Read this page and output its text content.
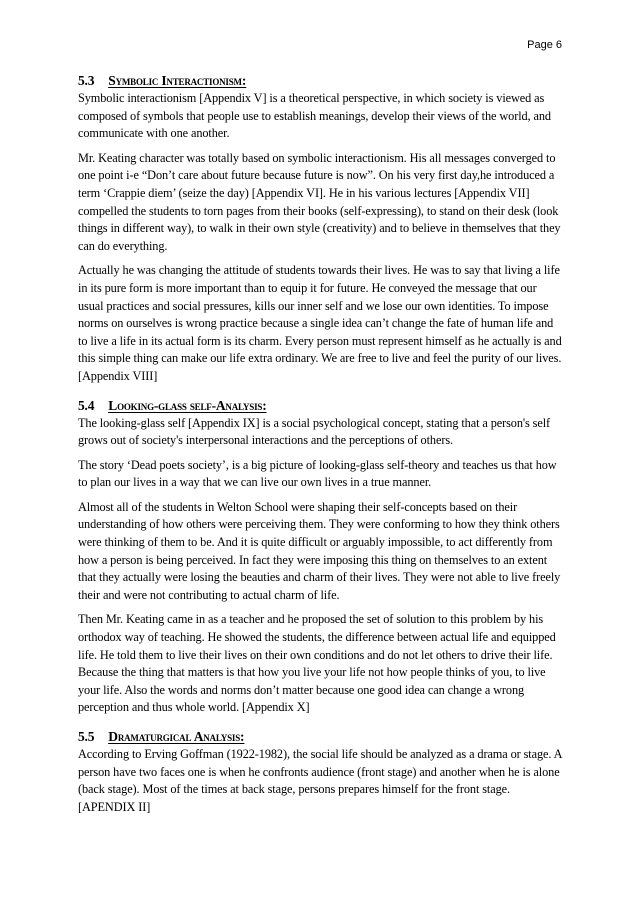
Page 6
5.3 Symbolic Interactionism:

Symbolic interactionism [Appendix V] is a theoretical perspective, in which society is viewed as composed of symbols that people use to establish meanings, develop their views of the world, and communicate with one another.

Mr. Keating character was totally based on symbolic interactionism. His all messages converged to one point i-e “Don’t care about future because future is now”. On his very first day,he introduced a term ‘Crappie diem’ (seize the day) [Appendix VI]. He in his various lectures [Appendix VII] compelled the students to torn pages from their books (self-expressing), to stand on their desk (look things in different way), to walk in their own style (creativity) and to believe in themselves that they can do everything.

Actually he was changing the attitude of students towards their lives. He was to say that living a life in its pure form is more important than to equip it for future. He conveyed the message that our usual practices and social pressures, kills our inner self and we lose our own identities. To impose norms on ourselves is wrong practice because a single idea can’t change the fate of human life and to live a life in its actual form is its charm. Every person must represent himself as he actually is and this simple thing can make our life extra ordinary. We are free to live and feel the purity of our lives. [Appendix VIII]

5.4 Looking-glass self-Analysis:

The looking-glass self [Appendix IX] is a social psychological concept, stating that a person's self grows out of society's interpersonal interactions and the perceptions of others.

The story ‘Dead poets society’, is a big picture of looking-glass self-theory and teaches us that how to plan our lives in a way that we can live our own lives in a true manner.

Almost all of the students in Welton School were shaping their self-concepts based on their understanding of how others were perceiving them. They were conforming to how they think others were thinking of them to be. And it is quite difficult or arguably impossible, to act differently from how a person is being perceived. In fact they were imposing this thing on themselves to an extent that they actually were losing the beauties and charm of their lives. They were not able to live freely their and were not contributing to actual charm of life.

Then Mr. Keating came in as a teacher and he proposed the set of solution to this problem by his orthodox way of teaching. He showed the students, the difference between actual life and equipped life. He told them to live their lives on their own conditions and do not let others to drive their life. Because the thing that matters is that how you live your life not how people thinks of you, to live your life. Also the words and norms don’t matter because one good idea can change a wrong perception and thus whole world. [Appendix X]

5.5 Dramaturgical Analysis:

According to Erving Goffman (1922-1982), the social life should be analyzed as a drama or stage. A person have two faces one is when he confronts audience (front stage) and another when he is alone (back stage). Most of the times at back stage, persons prepares himself for the front stage. [APENDIX II]
